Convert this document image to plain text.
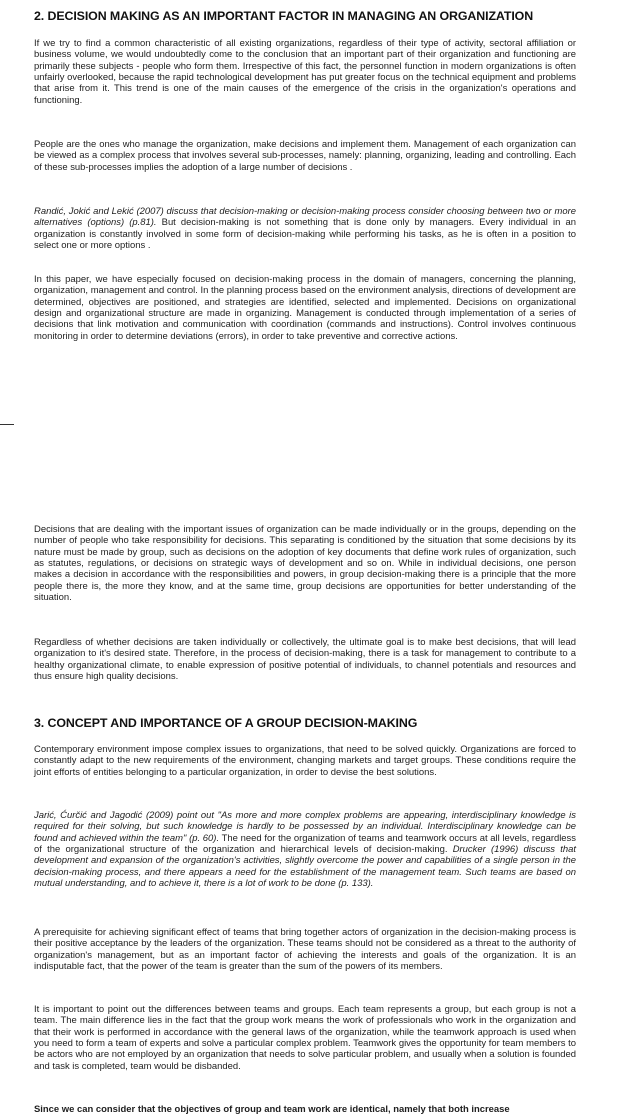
2. DECISION MAKING AS AN IMPORTANT FACTOR IN MANAGING AN ORGANIZATION

If we try to find a common characteristic of all existing organizations, regardless of their type of activity, sectoral affiliation or business volume, we would undoubtedly come to the conclusion that an important part of their organization and functioning are primarily these subjects - people who form them. Irrespective of this fact, the personnel function in modern organizations is often unfairly overlooked, because the rapid technological development has put greater focus on the technical equipment and problems that arise from it. This trend is one of the main causes of the emergence of the crisis in the organization's operations and functioning.

People are the ones who manage the organization, make decisions and implement them. Management of each organization can be viewed as a complex process that involves several sub-processes, namely: planning, organizing, leading and controlling. Each of these sub-processes implies the adoption of a large number of decisions .

Randić, Jokić and Lekić (2007) discuss that decision-making or decision-making process consider choosing between two or more alternatives (options) (p.81). But decision-making is not something that is done only by managers. Every individual in an organization is constantly involved in some form of decision-making while performing his tasks, as he is often in a position to select one or more options .

In this paper, we have especially focused on decision-making process in the domain of managers, concerning the planning, organization, management and control. In the planning process based on the environment analysis, directions of development are determined, objectives are positioned, and strategies are identified, selected and implemented. Decisions on organizational design and organizational structure are made in organizing. Management is conducted through implementation of a series of decisions that link motivation and communication with coordination (commands and instructions). Control involves continuous monitoring in order to determine deviations (errors), in order to take preventive and corrective actions.

Decisions that are dealing with the important issues of organization can be made individually or in the groups, depending on the number of people who take responsibility for decisions. This separating is conditioned by the situation that some decisions by its nature must be made by group, such as decisions on the adoption of key documents that define work rules of organization, such as statutes, regulations, or decisions on strategic ways of development and so on. While in individual decisions, one person makes a decision in accordance with the responsibilities and powers, in group decision-making there is a principle that the more people there is, the more they know, and at the same time, group decisions are opportunities for better understanding of the situation.

Regardless of whether decisions are taken individually or collectively, the ultimate goal is to make best decisions, that will lead organization to it's desired state. Therefore, in the process of decision-making, there is a task for management to contribute to a healthy organizational climate, to enable expression of positive potential of individuals, to channel potentials and resources and thus ensure high quality decisions.

3. CONCEPT AND IMPORTANCE OF A GROUP DECISION-MAKING

Contemporary environment impose complex issues to organizations, that need to be solved quickly. Organizations are forced to constantly adapt to the new requirements of the environment, changing markets and target groups. These conditions require the joint efforts of entities belonging to a particular organization, in order to devise the best solutions.

Jarić, Ćurčić and Jagodić (2009) point out "As more and more complex problems are appearing, interdisciplinary knowledge is required for their solving, but such knowledge is hardly to be possessed by an individual. Interdisciplinary knowledge can be found and achieved within the team" (p. 60). The need for the organization of teams and teamwork occurs at all levels, regardless of the organizational structure of the organization and hierarchical levels of decision-making. Drucker (1996) discuss that development and expansion of the organization's activities, slightly overcome the power and capabilities of a single person in the decision-making process, and there appears a need for the establishment of the management team. Such teams are based on mutual understanding, and to achieve it, there is a lot of work to be done (p. 133).

A prerequisite for achieving significant effect of teams that bring together actors of organization in the decision-making process is their positive acceptance by the leaders of the organization. These teams should not be considered as a threat to the authority of organization's management, but as an important factor of achieving the interests and goals of the organization. It is an indisputable fact, that the power of the team is greater than the sum of the powers of its members.

It is important to point out the differences between teams and groups. Each team represents a group, but each group is not a team. The main difference lies in the fact that the group work means the work of professionals who work in the organization and that their work is performed in accordance with the general laws of the organization, while the teamwork approach is used when you need to form a team of experts and solve a particular complex problem. Teamwork gives the opportunity for team members to be actors who are not employed by an organization that needs to solve particular problem, and usually when a solution is founded and task is completed, team would be disbanded.

Since we can consider that the objectives of group and team work are identical, namely that both increase
